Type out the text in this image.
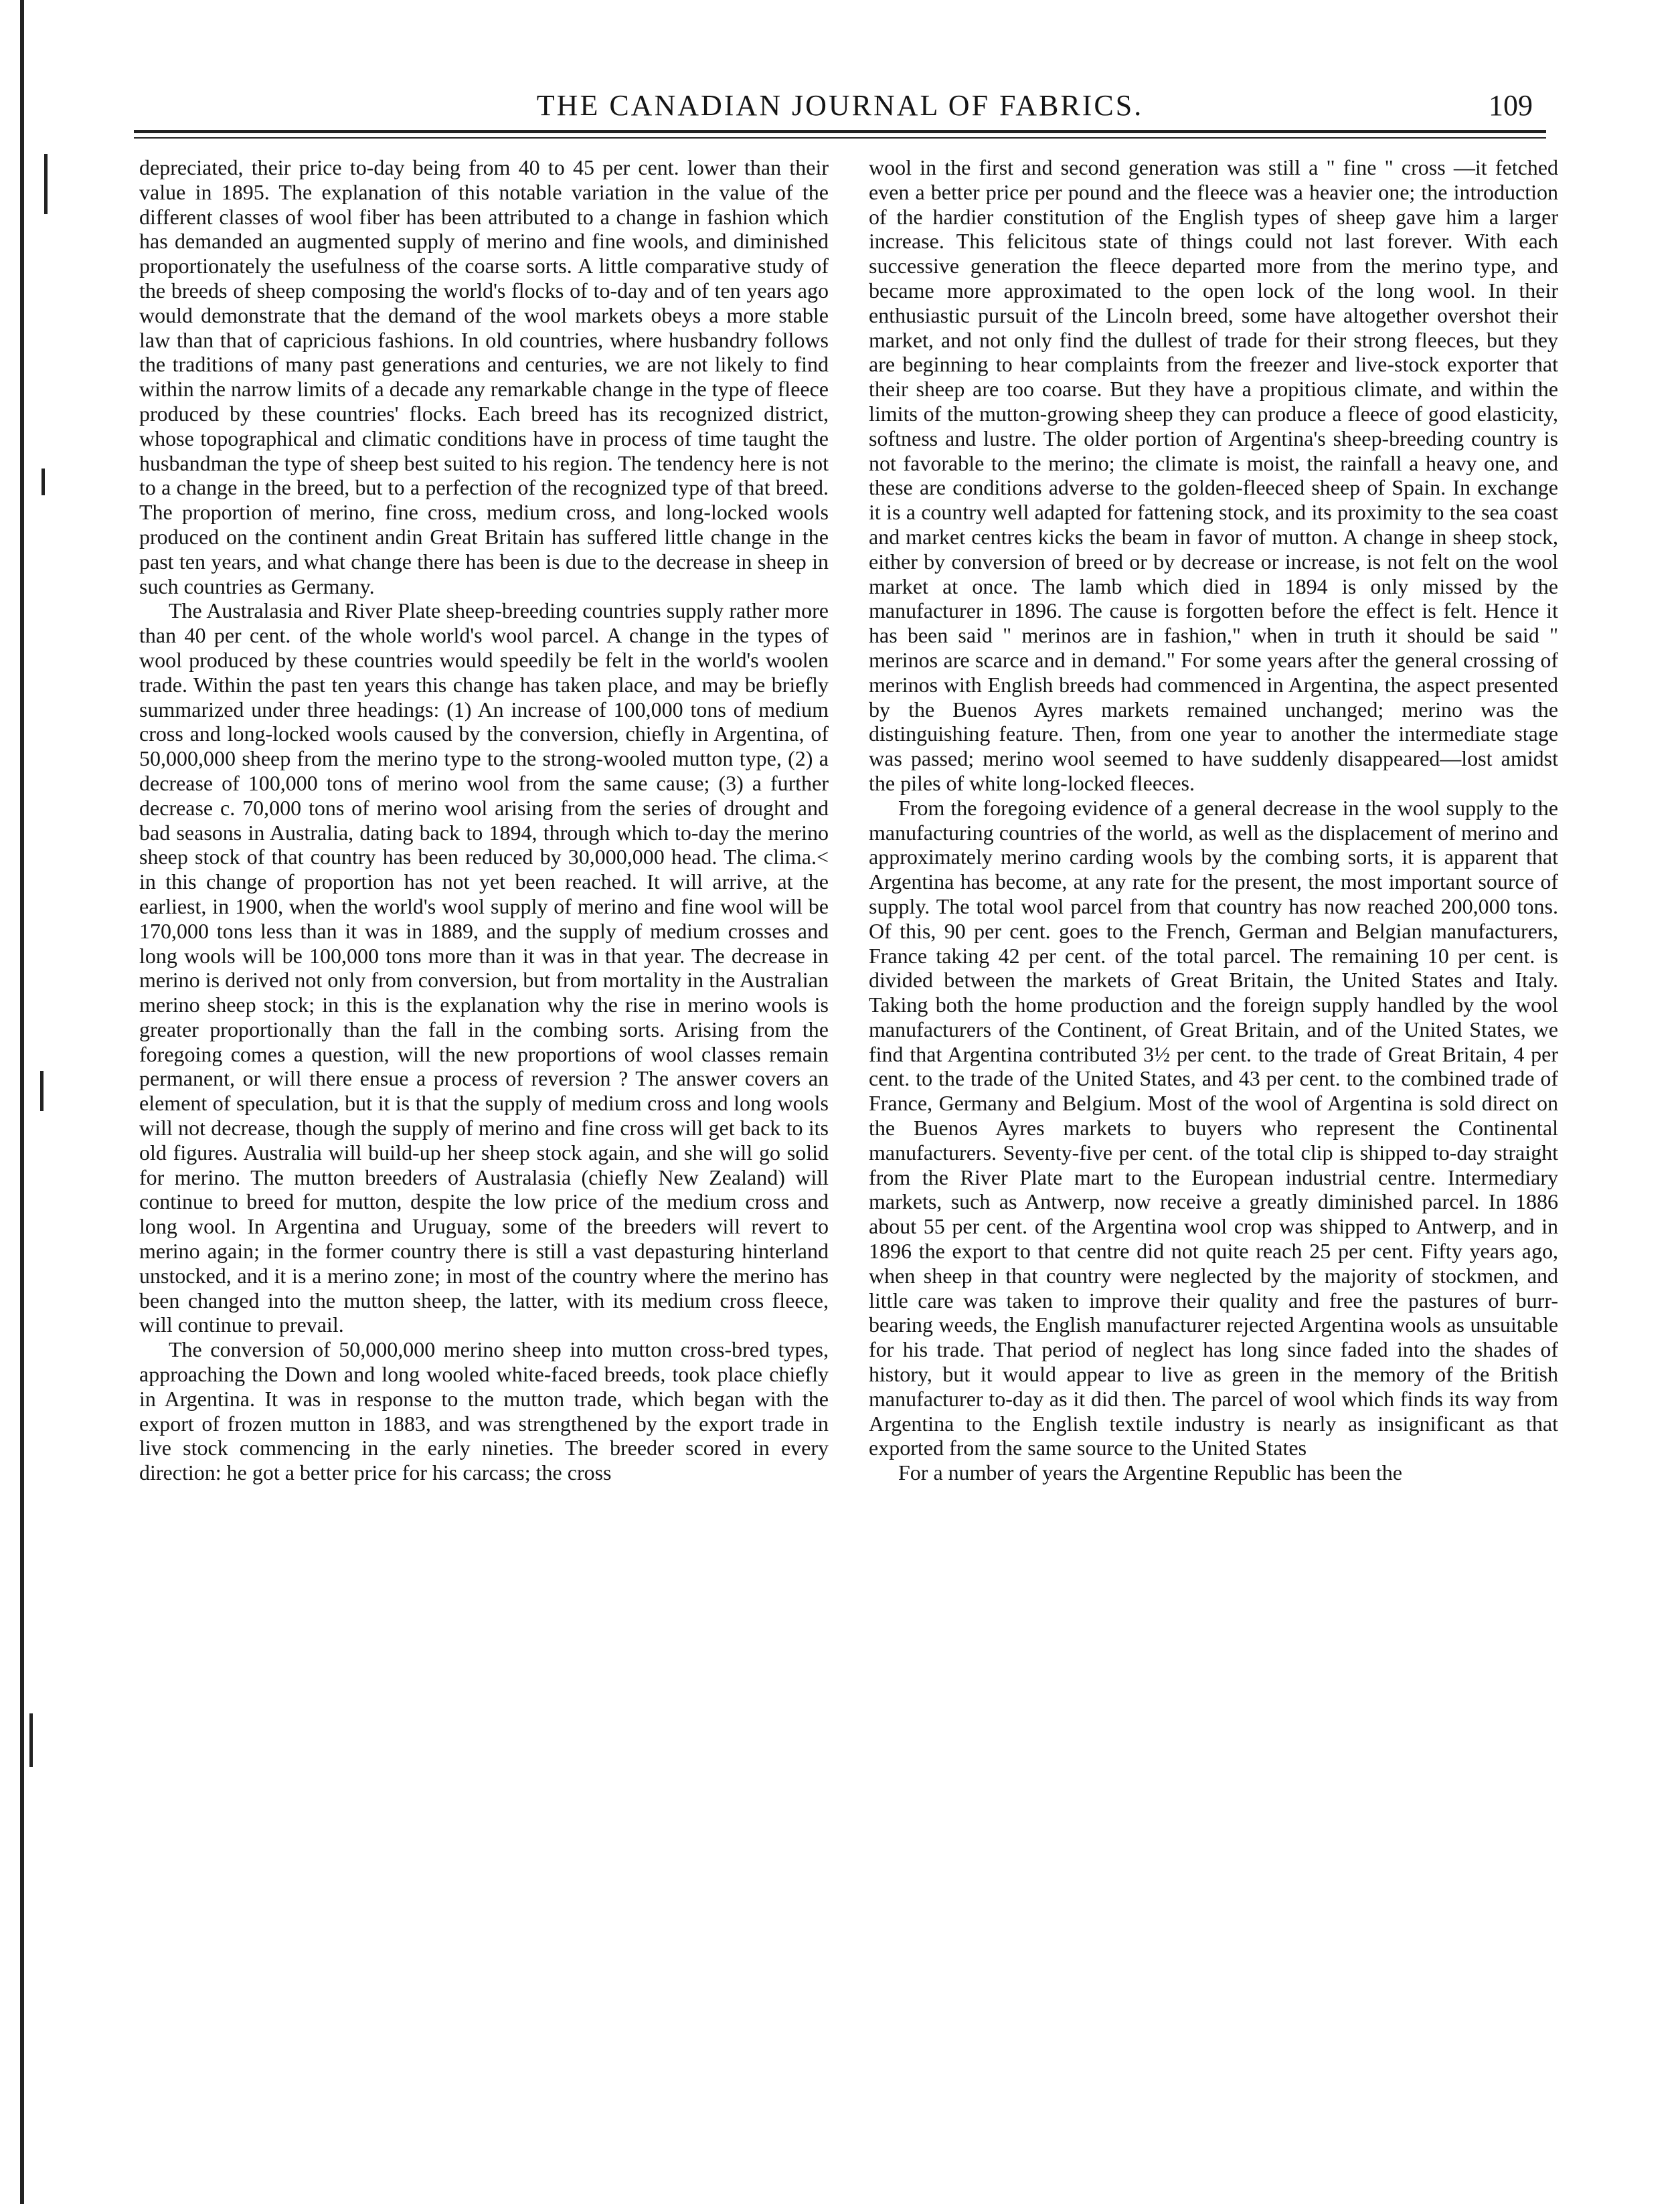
THE CANADIAN JOURNAL OF FABRICS.	109

depreciated, their price to-day being from 40 to 45 per cent. lower than their value in 1895. The explanation of this notable variation in the value of the different classes of wool fiber has been attributed to a change in fashion which has demanded an augmented supply of merino and fine wools, and diminished proportionately the usefulness of the coarse sorts. A little comparative study of the breeds of sheep composing the world's flocks of to-day and of ten years ago would demonstrate that the demand of the wool markets obeys a more stable law than that of capricious fashions. In old countries, where husbandry follows the traditions of many past generations and centuries, we are not likely to find within the narrow limits of a decade any remarkable change in the type of fleece produced by these countries' flocks. Each breed has its recognized district, whose topographical and climatic conditions have in process of time taught the husbandman the type of sheep best suited to his region. The tendency here is not to a change in the breed, but to a perfection of the recognized type of that breed. The proportion of merino, fine cross, medium cross, and long-locked wools produced on the continent andin Great Britain has suffered little change in the past ten years, and what change there has been is due to the decrease in sheep in such countries as Germany.

The Australasia and River Plate sheep-breeding countries supply rather more than 40 per cent. of the whole world's wool parcel. A change in the types of wool produced by these countries would speedily be felt in the world's woolen trade. Within the past ten years this change has taken place, and may be briefly summarized under three headings: (1) An increase of 100,000 tons of medium cross and long-locked wools caused by the conversion, chiefly in Argentina, of 50,000,000 sheep from the merino type to the strong-wooled mutton type, (2) a decrease of 100,000 tons of merino wool from the same cause; (3) a further decrease c. 70,000 tons of merino wool arising from the series of drought and bad seasons in Australia, dating back to 1894, through which to-day the merino sheep stock of that country has been reduced by 30,000,000 head. The clima.< in this change of proportion has not yet been reached. It will arrive, at the earliest, in 1900, when the world's wool supply of merino and fine wool will be 170,000 tons less than it was in 1889, and the supply of medium crosses and long wools will be 100,000 tons more than it was in that year. The decrease in merino is derived not only from conversion, but from mortality in the Australian merino sheep stock; in this is the explanation why the rise in merino wools is greater proportionally than the fall in the combing sorts. Arising from the foregoing comes a question, will the new proportions of wool classes remain permanent, or will there ensue a process of reversion ? The answer covers an element of speculation, but it is that the supply of medium cross and long wools will not decrease, though the supply of merino and fine cross will get back to its old figures. Australia will build-up her sheep stock again, and she will go solid for merino. The mutton breeders of Australasia (chiefly New Zealand) will continue to breed for mutton, despite the low price of the medium cross and long wool. In Argentina and Uruguay, some of the breeders will revert to merino again; in the former country there is still a vast depasturing hinterland unstocked, and it is a merino zone; in most of the country where the merino has been changed into the mutton sheep, the latter, with its medium cross fleece, will continue to prevail.

The conversion of 50,000,000 merino sheep into mutton cross-bred types, approaching the Down and long wooled white-faced breeds, took place chiefly in Argentina. It was in response to the mutton trade, which began with the export of frozen mutton in 1883, and was strengthened by the export trade in live stock commencing in the early nineties. The breeder scored in every direction: he got a better price for his carcass; the cross

wool in the first and second generation was still a " fine " cross —it fetched even a better price per pound and the fleece was a heavier one; the introduction of the hardier constitution of the English types of sheep gave him a larger increase. This felicitous state of things could not last forever. With each successive generation the fleece departed more from the merino type, and became more approximated to the open lock of the long wool. In their enthusiastic pursuit of the Lincoln breed, some have altogether overshot their market, and not only find the dullest of trade for their strong fleeces, but they are beginning to hear complaints from the freezer and live-stock exporter that their sheep are too coarse. But they have a propitious climate, and within the limits of the mutton-growing sheep they can produce a fleece of good elasticity, softness and lustre. The older portion of Argentina's sheep-breeding country is not favorable to the merino; the climate is moist, the rainfall a heavy one, and these are conditions adverse to the golden-fleeced sheep of Spain. In exchange it is a country well adapted for fattening stock, and its proximity to the sea coast and market centres kicks the beam in favor of mutton. A change in sheep stock, either by conversion of breed or by decrease or increase, is not felt on the wool market at once. The lamb which died in 1894 is only missed by the manufacturer in 1896. The cause is forgotten before the effect is felt. Hence it has been said " merinos are in fashion," when in truth it should be said " merinos are scarce and in demand." For some years after the general crossing of merinos with English breeds had commenced in Argentina, the aspect presented by the Buenos Ayres markets remained unchanged; merino was the distinguishing feature. Then, from one year to another the intermediate stage was passed; merino wool seemed to have suddenly disappeared—lost amidst the piles of white long-locked fleeces.

From the foregoing evidence of a general decrease in the wool supply to the manufacturing countries of the world, as well as the displacement of merino and approximately merino carding wools by the combing sorts, it is apparent that Argentina has become, at any rate for the present, the most important source of supply. The total wool parcel from that country has now reached 200,000 tons. Of this, 90 per cent. goes to the French, German and Belgian manufacturers, France taking 42 per cent. of the total parcel. The remaining 10 per cent. is divided between the markets of Great Britain, the United States and Italy. Taking both the home production and the foreign supply handled by the wool manufacturers of the Continent, of Great Britain, and of the United States, we find that Argentina contributed 3½ per cent. to the trade of Great Britain, 4 per cent. to the trade of the United States, and 43 per cent. to the combined trade of France, Germany and Belgium. Most of the wool of Argentina is sold direct on the Buenos Ayres markets to buyers who represent the Continental manufacturers. Seventy-five per cent. of the total clip is shipped to-day straight from the River Plate mart to the European industrial centre. Intermediary markets, such as Antwerp, now receive a greatly diminished parcel. In 1886 about 55 per cent. of the Argentina wool crop was shipped to Antwerp, and in 1896 the export to that centre did not quite reach 25 per cent. Fifty years ago, when sheep in that country were neglected by the majority of stockmen, and little care was taken to improve their quality and free the pastures of burr-bearing weeds, the English manufacturer rejected Argentina wools as unsuitable for his trade. That period of neglect has long since faded into the shades of history, but it would appear to live as green in the memory of the British manufacturer to-day as it did then. The parcel of wool which finds its way from Argentina to the English textile industry is nearly as insignificant as that exported from the same source to the United States

For a number of years the Argentine Republic has been the
